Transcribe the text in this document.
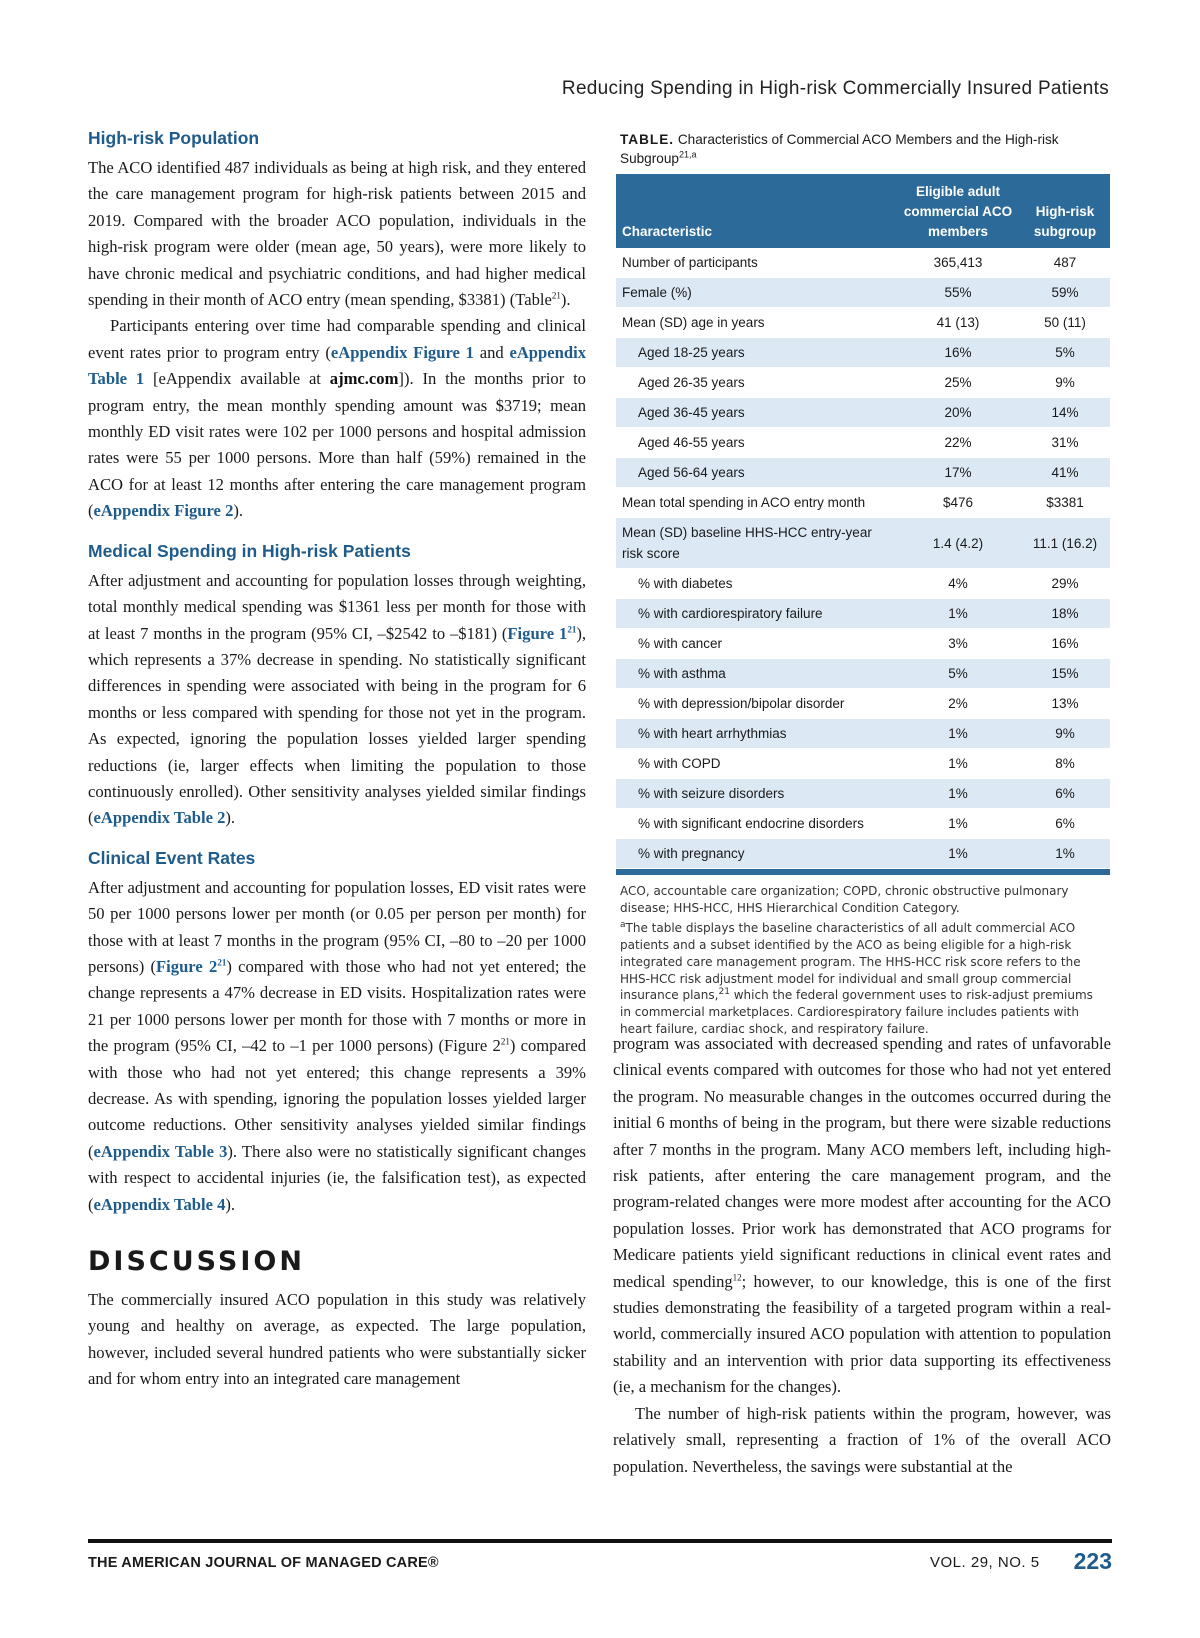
Reducing Spending in High-risk Commercially Insured Patients
High-risk Population

The ACO identified 487 individuals as being at high risk, and they entered the care management program for high-risk patients between 2015 and 2019. Compared with the broader ACO population, individuals in the high-risk program were older (mean age, 50 years), were more likely to have chronic medical and psychiatric conditions, and had higher medical spending in their month of ACO entry (mean spending, $3381) (Table$^{21}$).

Participants entering over time had comparable spending and clinical event rates prior to program entry (eAppendix Figure 1 and eAppendix Table 1 [eAppendix available at ajmc.com]). In the months prior to program entry, the mean monthly spending amount was $3719; mean monthly ED visit rates were 102 per 1000 persons and hospital admission rates were 55 per 1000 persons. More than half (59%) remained in the ACO for at least 12 months after entering the care management program (eAppendix Figure 2).

Medical Spending in High-risk Patients

After adjustment and accounting for population losses through weighting, total monthly medical spending was $1361 less per month for those with at least 7 months in the program (95% CI, –$2542 to –$181) (Figure $1^{21}$), which represents a 37% decrease in spending. No statistically significant differences in spending were associated with being in the program for 6 months or less compared with spending for those not yet in the program. As expected, ignoring the population losses yielded larger spending reductions (ie, larger effects when limiting the population to those continuously enrolled). Other sensitivity analyses yielded similar findings (eAppendix Table 2).

Clinical Event Rates

After adjustment and accounting for population losses, ED visit rates were 50 per 1000 persons lower per month (or 0.05 per person per month) for those with at least 7 months in the program (95% CI, –80 to –20 per 1000 persons) (Figure $2^{21}$) compared with those who had not yet entered; the change represents a 47% decrease in ED visits. Hospitalization rates were 21 per 1000 persons lower per month for those with 7 months or more in the program (95% CI, –42 to –1 per 1000 persons) (Figure $2^{21}$) compared with those who had not yet entered; this change represents a 39% decrease. As with spending, ignoring the population losses yielded larger outcome reductions. Other sensitivity analyses yielded similar findings (eAppendix Table 3). There also were no statistically significant changes with respect to accidental injuries (ie, the falsification test), as expected (eAppendix Table 4).

DISCUSSION

The commercially insured ACO population in this study was relatively young and healthy on average, as expected. The large population, however, included several hundred patients who were substantially sicker and for whom entry into an integrated care management

TABLE. Characteristics of Commercial ACO Members and the High-risk Subgroup$^{21,a}$

Characteristic	Eligible adult commercial ACO members	High-risk subgroup
Number of participants	365,413	487
Female (%)	55%	59%
Mean (SD) age in years	41 (13)	50 (11)
Aged 18-25 years	16%	5%
Aged 26-35 years	25%	9%
Aged 36-45 years	20%	14%
Aged 46-55 years	22%	31%
Aged 56-64 years	17%	41%
Mean total spending in ACO entry month	$476	$3381
Mean (SD) baseline HHS-HCC entry-year risk score	1.4 (4.2)	11.1 (16.2)
% with diabetes	4%	29%
% with cardiorespiratory failure	1%	18%
% with cancer	3%	16%
% with asthma	5%	15%
% with depression/bipolar disorder	2%	13%
% with heart arrhythmias	1%	9%
% with COPD	1%	8%
% with seizure disorders	1%	6%
% with significant endocrine disorders	1%	6%
% with pregnancy	1%	1%

ACO, accountable care organization; COPD, chronic obstructive pulmonary disease; HHS-HCC, HHS Hierarchical Condition Category.

$^a$The table displays the baseline characteristics of all adult commercial ACO patients and a subset identified by the ACO as being eligible for a high-risk integrated care management program. The HHS-HCC risk score refers to the HHS-HCC risk adjustment model for individual and small group commercial insurance plans,$^{21}$ which the federal government uses to risk-adjust premiums in commercial marketplaces. Cardiorespiratory failure includes patients with heart failure, cardiac shock, and respiratory failure.

program was associated with decreased spending and rates of unfavorable clinical events compared with outcomes for those who had not yet entered the program. No measurable changes in the outcomes occurred during the initial 6 months of being in the program, but there were sizable reductions after 7 months in the program. Many ACO members left, including high-risk patients, after entering the care management program, and the program-related changes were more modest after accounting for the ACO population losses. Prior work has demonstrated that ACO programs for Medicare patients yield significant reductions in clinical event rates and medical spending$^{12}$; however, to our knowledge, this is one of the first studies demonstrating the feasibility of a targeted program within a real-world, commercially insured ACO population with attention to population stability and an intervention with prior data supporting its effectiveness (ie, a mechanism for the changes).

The number of high-risk patients within the program, however, was relatively small, representing a fraction of 1% of the overall ACO population. Nevertheless, the savings were substantial at the

THE AMERICAN JOURNAL OF MANAGED CARE®	VOL. 29, NO. 5 223
